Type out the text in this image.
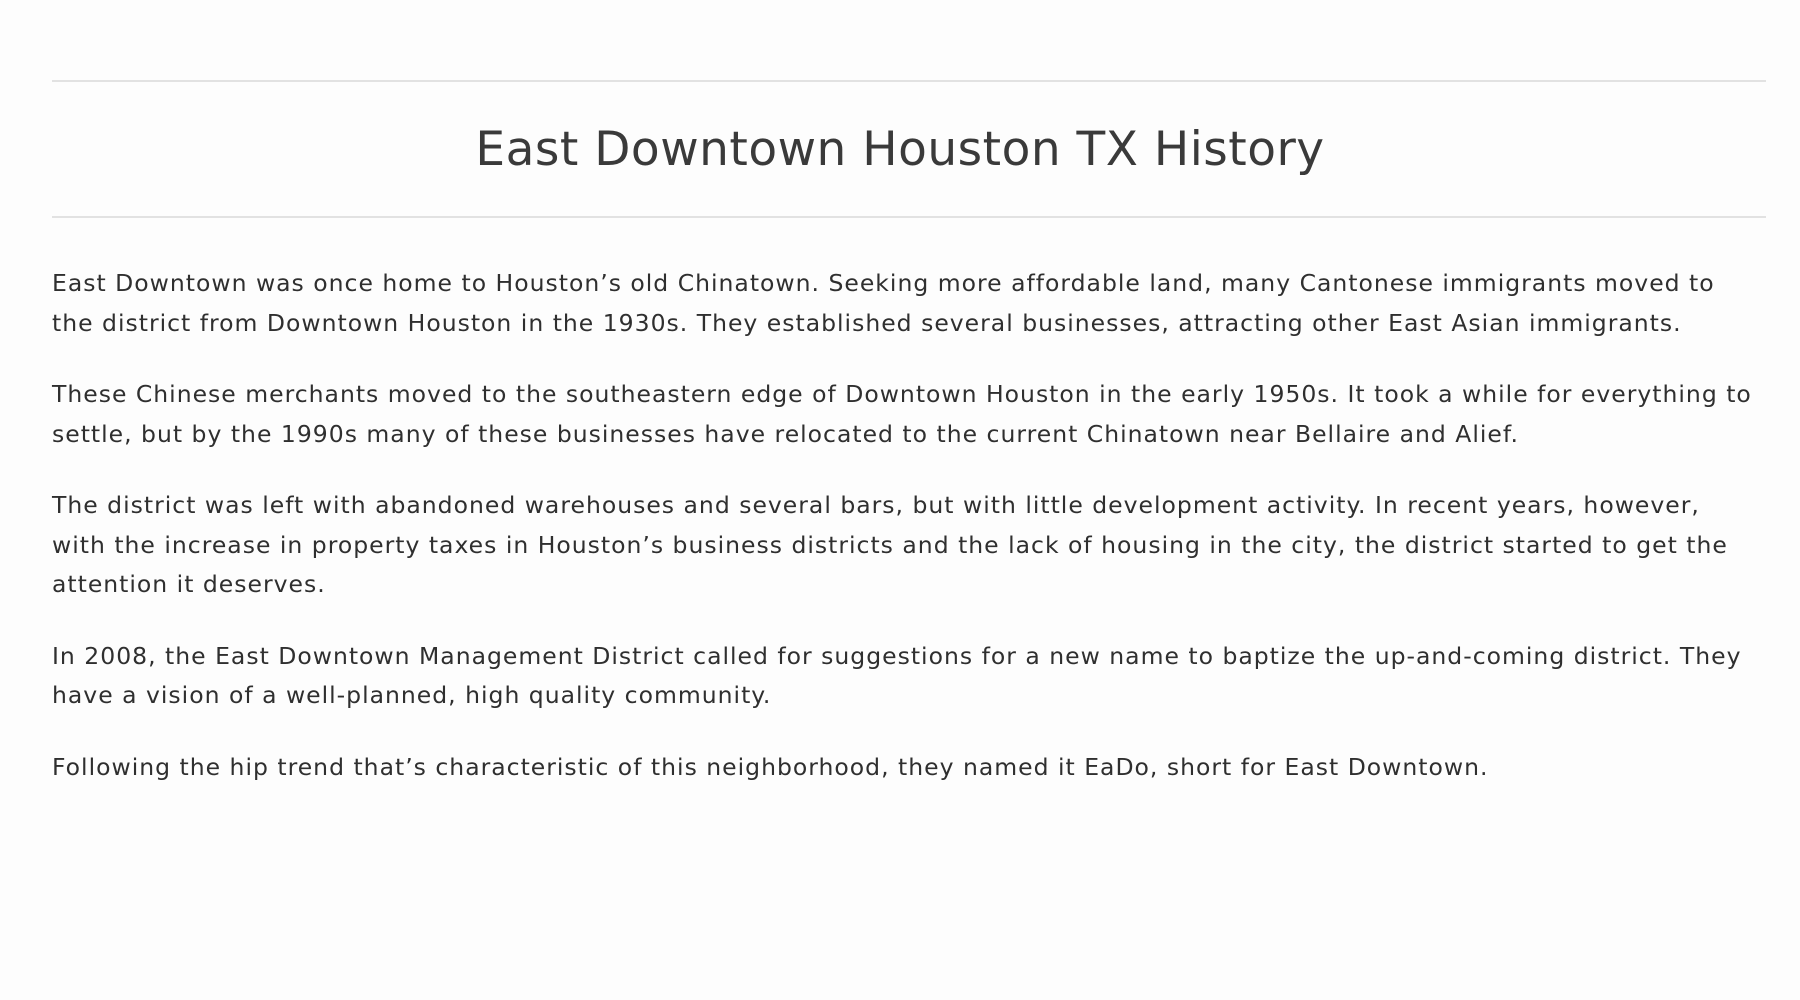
East Downtown Houston TX History

East Downtown was once home to Houston’s old Chinatown. Seeking more affordable land, many Cantonese immigrants moved to the district from Downtown Houston in the 1930s. They established several businesses, attracting other East Asian immigrants.

These Chinese merchants moved to the southeastern edge of Downtown Houston in the early 1950s. It took a while for everything to settle, but by the 1990s many of these businesses have relocated to the current Chinatown near Bellaire and Alief.

The district was left with abandoned warehouses and several bars, but with little development activity. In recent years, however, with the increase in property taxes in Houston’s business districts and the lack of housing in the city, the district started to get the attention it deserves.

In 2008, the East Downtown Management District called for suggestions for a new name to baptize the up-and-coming district. They have a vision of a well-planned, high quality community.

Following the hip trend that’s characteristic of this neighborhood, they named it EaDo, short for East Downtown.
